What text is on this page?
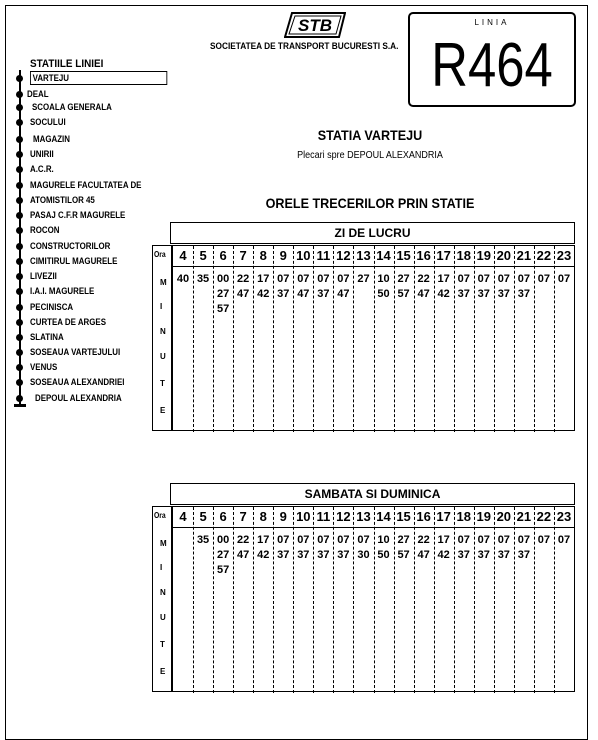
STB
SOCIETATEA DE TRANSPORT BUCURESTI S.A.
LINIA
R464
STATIILE LINIEI
VARTEJU
DEAL
SCOALA GENERALA
SOCULUI
MAGAZIN
UNIRII
A.C.R.
MAGURELE FACULTATEA DE
ATOMISTILOR 45
PASAJ C.F.R MAGURELE
ROCON
CONSTRUCTORILOR
CIMITIRUL MAGURELE
LIVEZII
I.A.I. MAGURELE
PECINISCA
CURTEA DE ARGES
SLATINA
SOSEAUA VARTEJULUI
VENUS
SOSEAUA ALEXANDRIEI
DEPOUL ALEXANDRIA
STATIA VARTEJU
Plecari spre DEPOUL ALEXANDRIA
ORELE TRECERILOR PRIN STATIE
ZI DE LUCRU
Ora
M
I
N
U
T
E
4
40
5
35
6
00
27
57
7
22
47
8
17
42
9
07
37
10
07
47
11
07
37
12
07
47
13
27
14
10
50
15
27
57
16
22
47
17
17
42
18
07
37
19
07
37
20
07
37
21
07
37
22
07
23
07
SAMBATA SI DUMINICA
Ora
M
I
N
U
T
E
4 5
35
6
00
27
57
7
22
47
8
17
42
9
07
37
10
07
37
11
07
37
12
07
37
13
07
30
14
10
50
15
27
57
16
22
47
17
17
42
18
07
37
19
07
37
20
07
37
21
07
37
22
07
23
07
